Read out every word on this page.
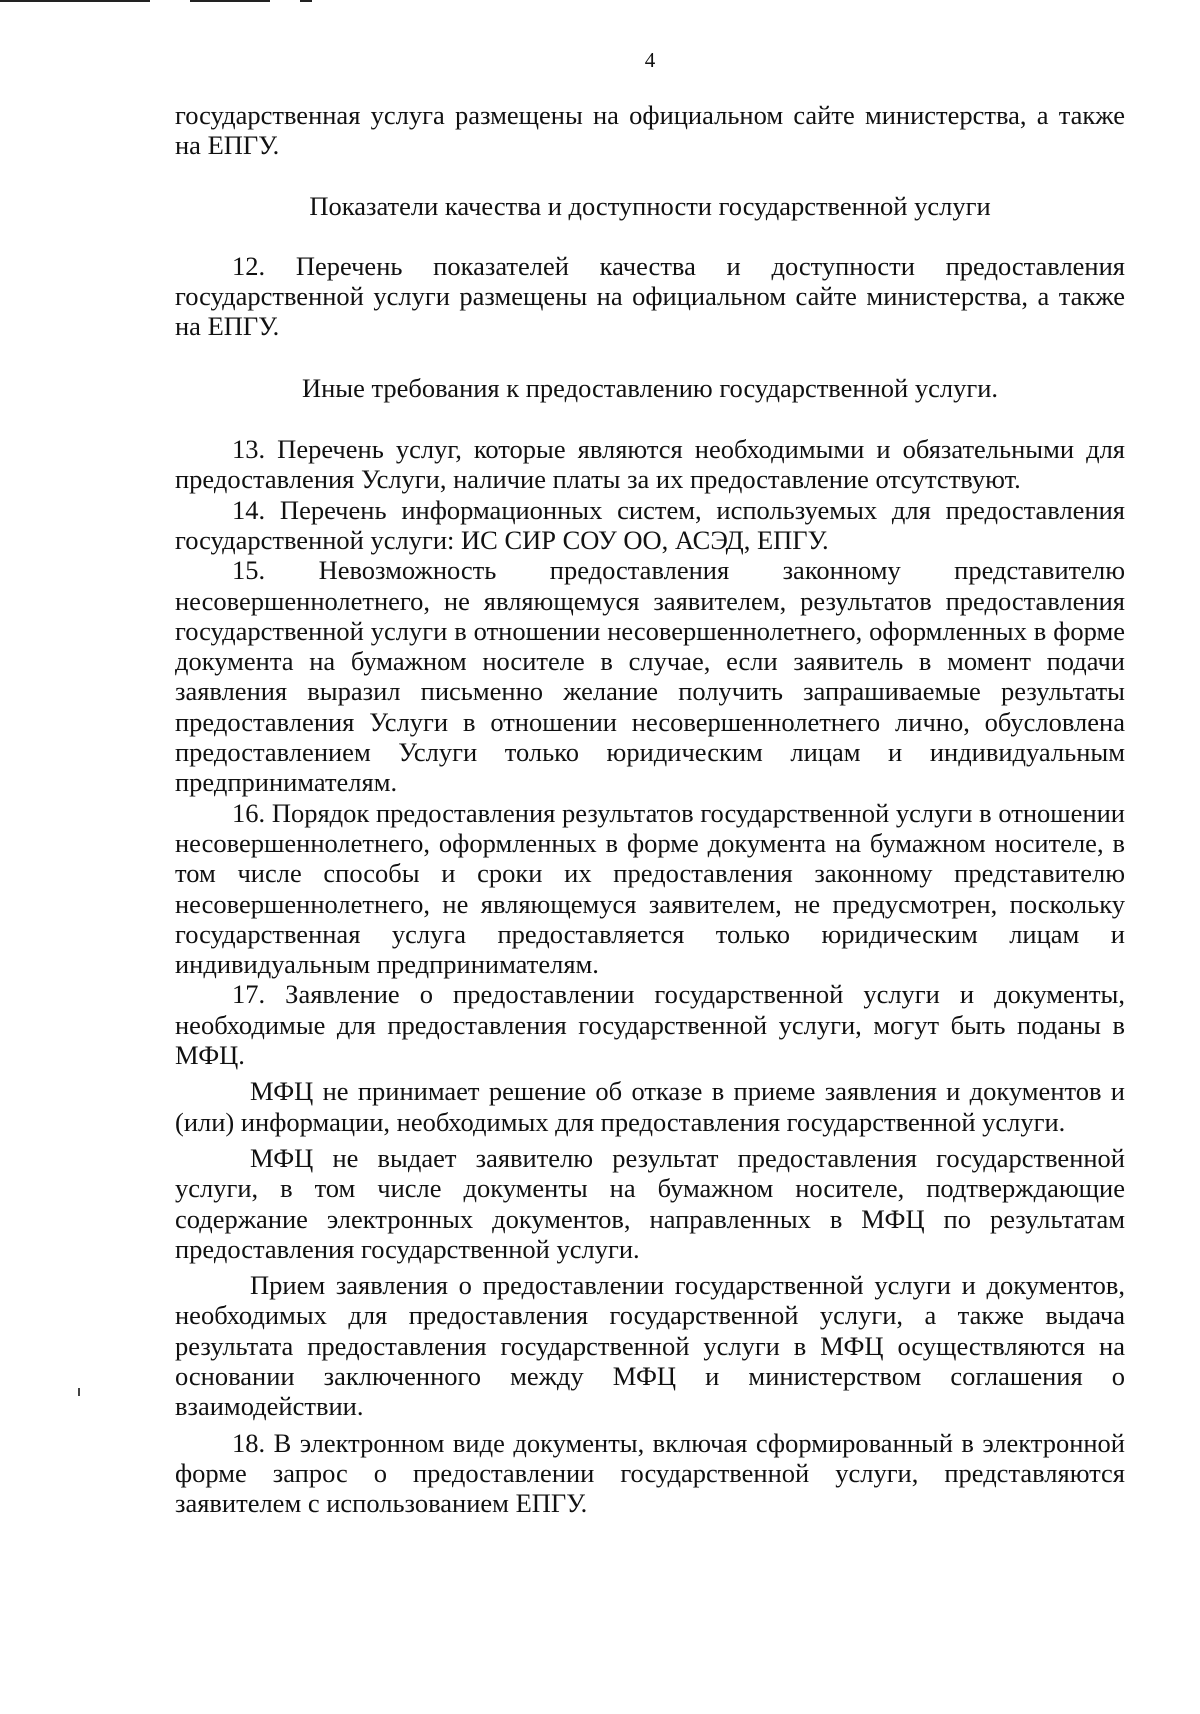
4

государственная услуга размещены на официальном сайте министерства, а также на ЕПГУ.

Показатели качества и доступности государственной услуги

12. Перечень показателей качества и доступности предоставления государственной услуги размещены на официальном сайте министерства, а также на ЕПГУ.

Иные требования к предоставлению государственной услуги.

13. Перечень услуг, которые являются необходимыми и обязательными для предоставления Услуги, наличие платы за их предоставление отсутствуют.

14. Перечень информационных систем, используемых для предоставления государственной услуги: ИС СИР СОУ ОО, АСЭД, ЕПГУ.

15. Невозможность предоставления законному представителю несовершеннолетнего, не являющемуся заявителем, результатов предоставления государственной услуги в отношении несовершеннолетнего, оформленных в форме документа на бумажном носителе в случае, если заявитель в момент подачи заявления выразил письменно желание получить запрашиваемые результаты предоставления Услуги в отношении несовершеннолетнего лично, обусловлена предоставлением Услуги только юридическим лицам и индивидуальным предпринимателям.

16. Порядок предоставления результатов государственной услуги в отношении несовершеннолетнего, оформленных в форме документа на бумажном носителе, в том числе способы и сроки их предоставления законному представителю несовершеннолетнего, не являющемуся заявителем, не предусмотрен, поскольку государственная услуга предоставляется только юридическим лицам и индивидуальным предпринимателям.

17. Заявление о предоставлении государственной услуги и документы, необходимые для предоставления государственной услуги, могут быть поданы в МФЦ.

МФЦ не принимает решение об отказе в приеме заявления и документов и (или) информации, необходимых для предоставления государственной услуги.

МФЦ не выдает заявителю результат предоставления государственной услуги, в том числе документы на бумажном носителе, подтверждающие содержание электронных документов, направленных в МФЦ по результатам предоставления государственной услуги.

Прием заявления о предоставлении государственной услуги и документов, необходимых для предоставления государственной услуги, а также выдача результата предоставления государственной услуги в МФЦ осуществляются на основании заключенного между МФЦ и министерством соглашения о взаимодействии.

18. В электронном виде документы, включая сформированный в электронной форме запрос о предоставлении государственной услуги, представляются заявителем с использованием ЕПГУ.
